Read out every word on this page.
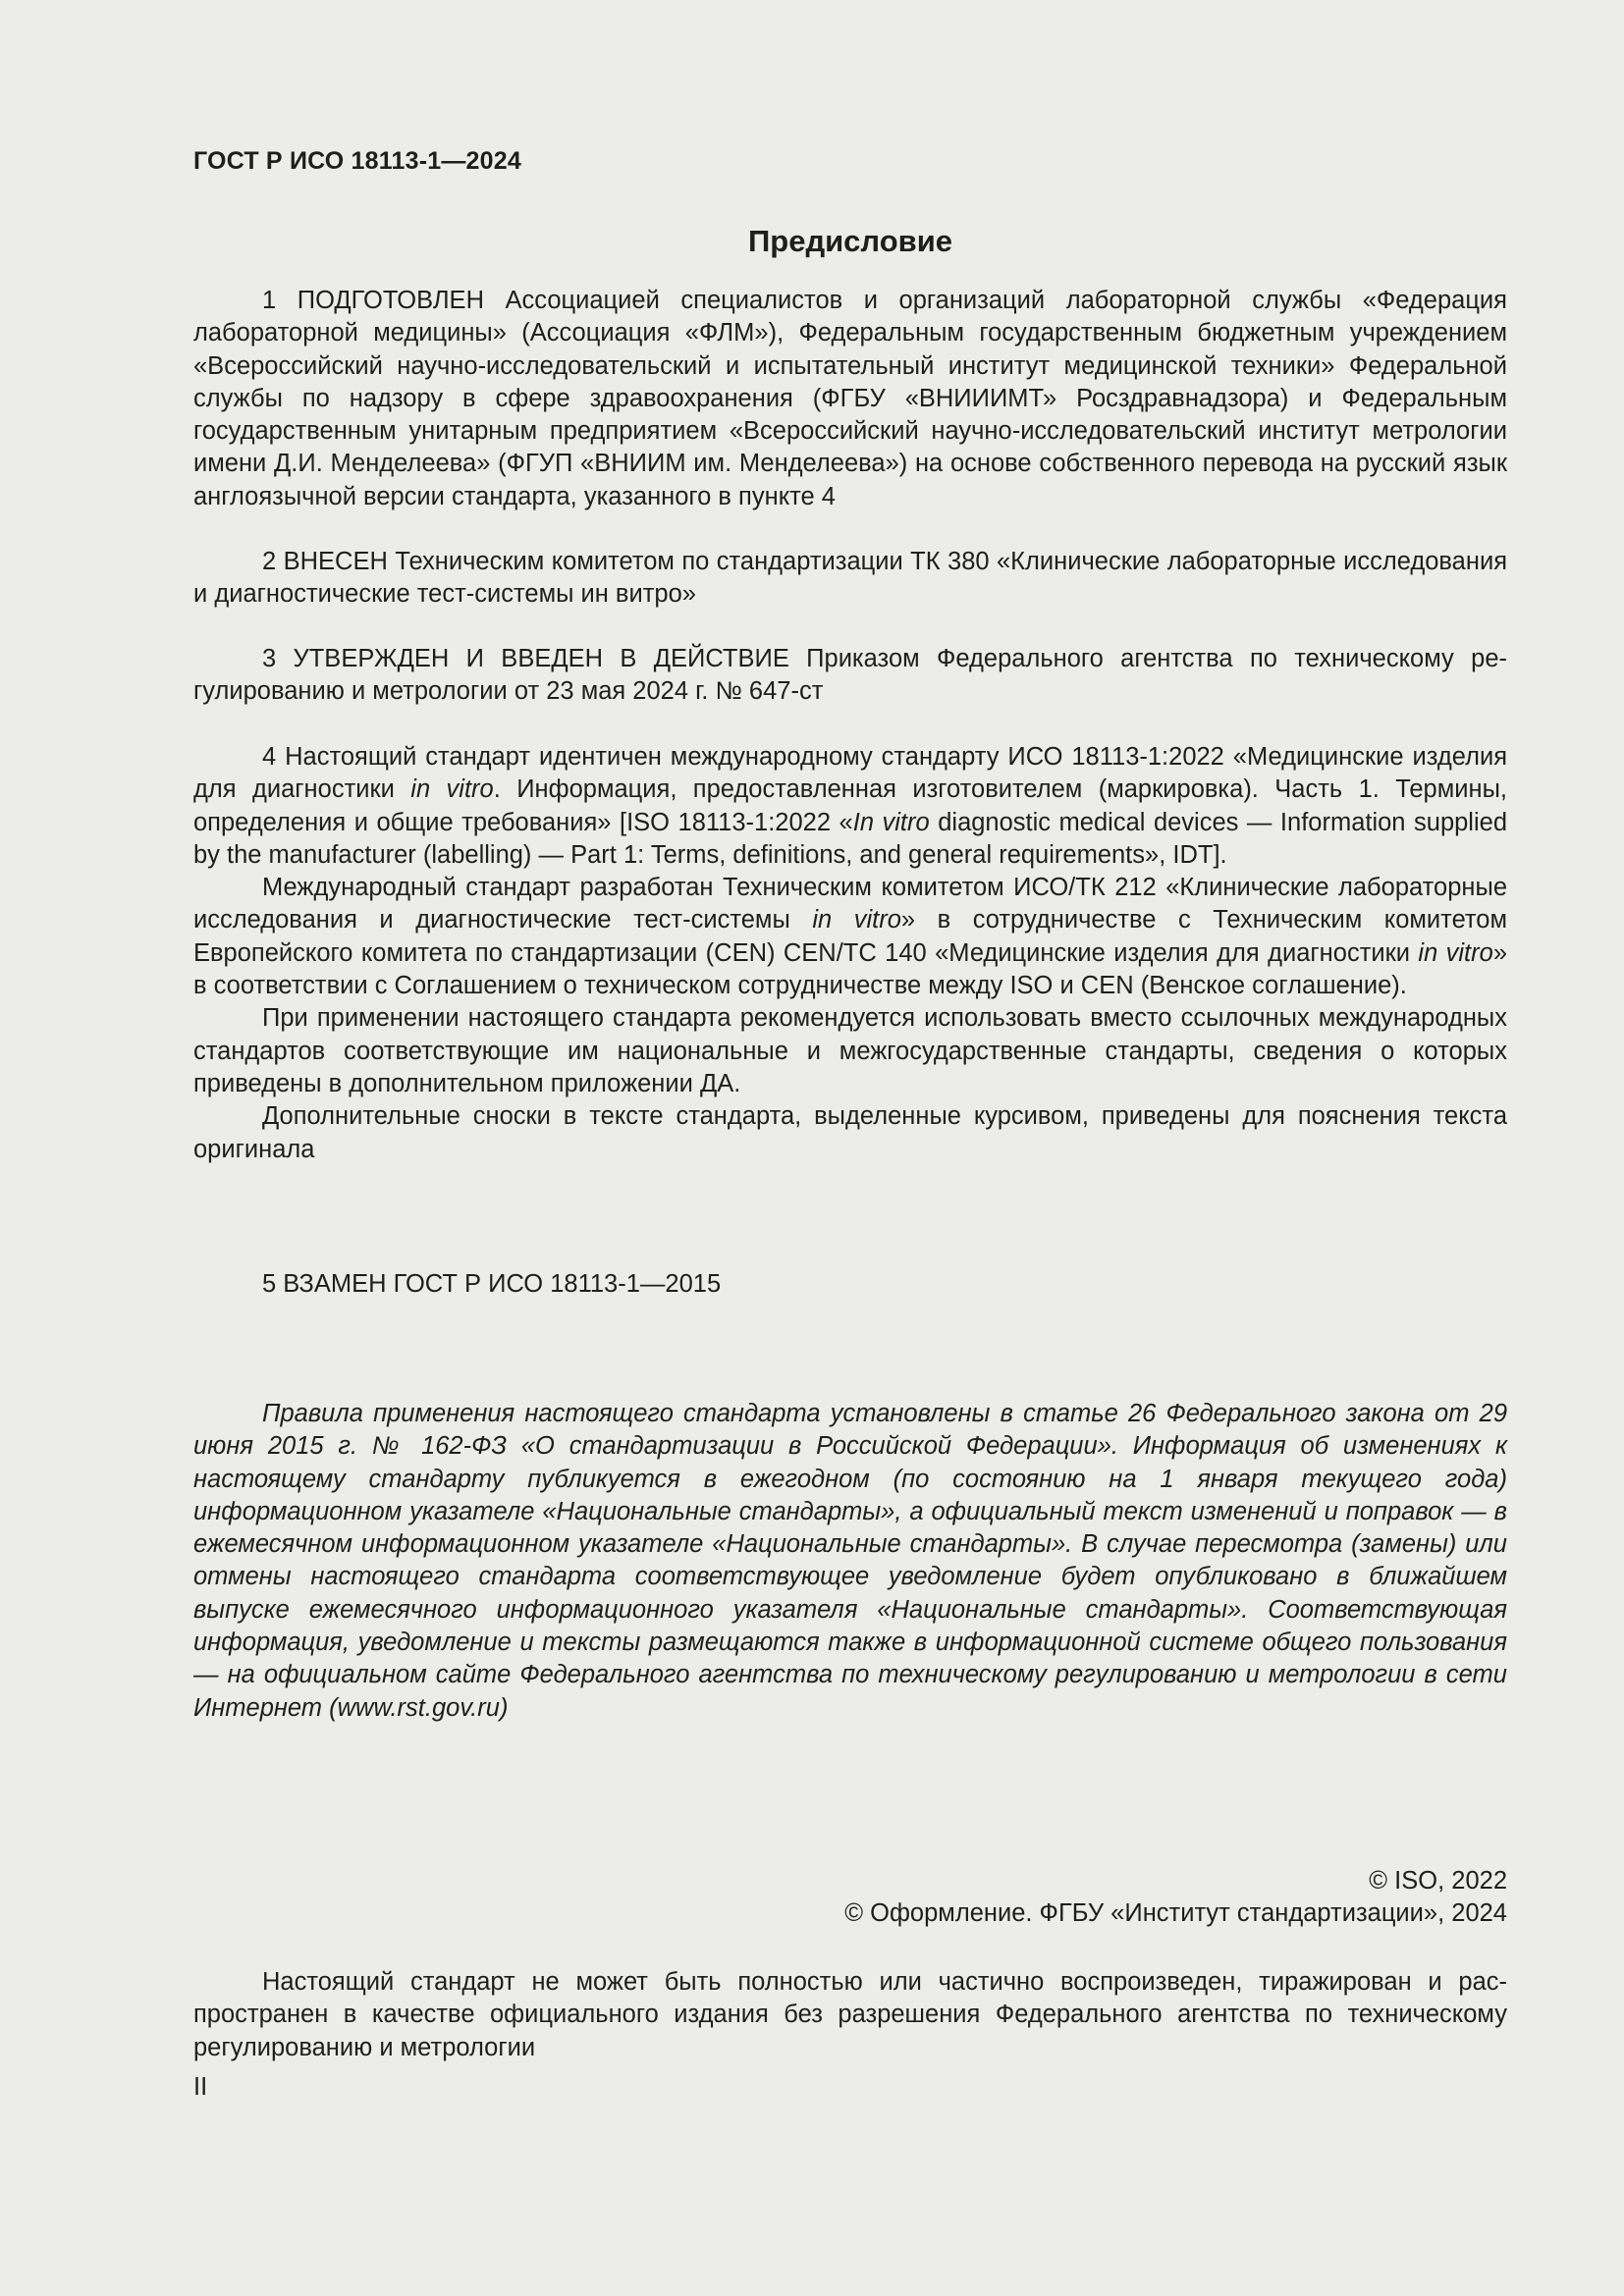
ГОСТ Р ИСО 18113-1—2024
Предисловие

1 ПОДГОТОВЛЕН Ассоциацией специалистов и организаций лабораторной службы «Федерация лабораторной медицины» (Ассоциация «ФЛМ»), Федеральным государственным бюджетным учреждением «Всероссийский научно-исследовательский и испытательный институт медицинской техники» Федеральной службы по надзору в сфере здравоохранения (ФГБУ «ВНИИИМТ» Росздравнадзора) и Федеральным государственным унитарным предприятием «Всероссийский научно-исследовательский институт метрологии имени Д.И. Менделеева» (ФГУП «ВНИИМ им. Менделеева») на основе собственного перевода на русский язык англоязычной версии стандарта, указанного в пункте 4

2 ВНЕСЕН Техническим комитетом по стандартизации ТК 380 «Клинические лабораторные исследования и диагностические тест-системы ин витро»

3 УТВЕРЖДЕН И ВВЕДЕН В ДЕЙСТВИЕ Приказом Федерального агентства по техническому регулированию и метрологии от 23 мая 2024 г. № 647-ст

4 Настоящий стандарт идентичен международному стандарту ИСО 18113-1:2022 «Медицинские изделия для диагностики in vitro. Информация, предоставленная изготовителем (маркировка). Часть 1. Термины, определения и общие требования» [ISO 18113-1:2022 «In vitro diagnostic medical devices — Information supplied by the manufacturer (labelling) — Part 1: Terms, definitions, and general requirements», IDT].

Международный стандарт разработан Техническим комитетом ИСО/ТК 212 «Клинические лабораторные исследования и диагностические тест-системы in vitro» в сотрудничестве с Техническим комитетом Европейского комитета по стандартизации (CEN) CEN/TC 140 «Медицинские изделия для диагностики in vitro» в соответствии с Соглашением о техническом сотрудничестве между ISO и CEN (Венское соглашение).

При применении настоящего стандарта рекомендуется использовать вместо ссылочных международных стандартов соответствующие им национальные и межгосударственные стандарты, сведения о которых приведены в дополнительном приложении ДА.

Дополнительные сноски в тексте стандарта, выделенные курсивом, приведены для пояснения текста оригинала

5 ВЗАМЕН ГОСТ Р ИСО 18113-1—2015

Правила применения настоящего стандарта установлены в статье 26 Федерального закона от 29 июня 2015 г. № 162-ФЗ «О стандартизации в Российской Федерации». Информация об изменениях к настоящему стандарту публикуется в ежегодном (по состоянию на 1 января текущего года) информационном указателе «Национальные стандарты», а официальный текст изменений и поправок — в ежемесячном информационном указателе «Национальные стандарты». В случае пересмотра (замены) или отмены настоящего стандарта соответствующее уведомление будет опубликовано в ближайшем выпуске ежемесячного информационного указателя «Национальные стандарты». Соответствующая информация, уведомление и тексты размещаются также в информационной системе общего пользования — на официальном сайте Федерального агентства по техническому регулированию и метрологии в сети Интернет (www.rst.gov.ru)

© ISO, 2022
© Оформление. ФГБУ «Институт стандартизации», 2024

Настоящий стандарт не может быть полностью или частично воспроизведен, тиражирован и распространен в качестве официального издания без разрешения Федерального агентства по техническому регулированию и метрологии

II
